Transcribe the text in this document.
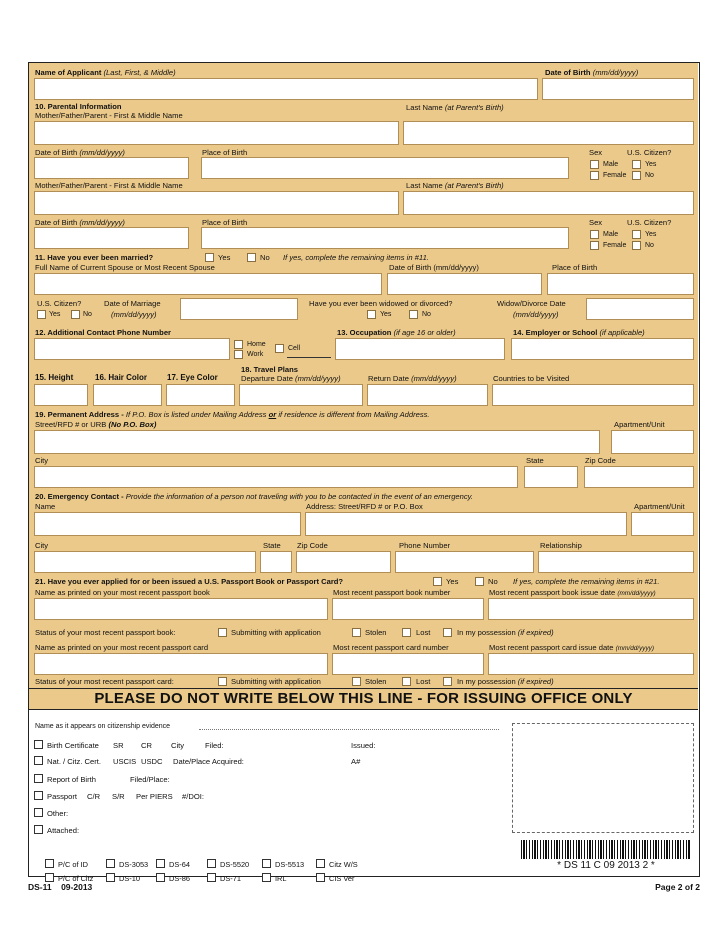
Name of Applicant (Last, First, & Middle)	Date of Birth (mm/dd/yyyy)
10. Parental Information
Mother/Father/Parent - First & Middle Name
Last Name (at Parent's Birth)
Date of Birth (mm/dd/yyyy)	Place of Birth	Sex	U.S. Citizen?
Male
Female
Yes
No
Mother/Father/Parent - First & Middle Name	Last Name (at Parent's Birth)
Date of Birth (mm/dd/yyyy)	Place of Birth	Sex	U.S. Citizen?
Male
Female
Yes
No
11. Have you ever been married?	Yes	No If yes, complete the remaining items in #11.
Full Name of Current Spouse or Most Recent Spouse	Date of Birth (mm/dd/yyyy)	Place of Birth
U.S. Citizen?
Yes	No
Date of Marriage
(mm/dd/yyyy)
Have you ever been widowed or divorced?
Yes	No
Widow/Divorce Date
(mm/dd/yyyy)
12. Additional Contact Phone Number
Home
Cell
Work
13. Occupation (if age 16 or older)	14. Employer or School (if applicable)
15. Height	16. Hair Color 17. Eye Color
18. Travel Plans
Departure Date (mm/dd/yyyy)	Return Date (mm/dd/yyyy)	Countries to be Visited
19. Permanent Address - If P.O. Box is listed under Mailing Address or if residence is different from Mailing Address.
Street/RFD # or URB (No P.O. Box)	Apartment/Unit
City	State	Zip Code
20. Emergency Contact - Provide the information of a person not traveling with you to be contacted in the event of an emergency.
Name	Address: Street/RFD # or P.O. Box	Apartment/Unit
City	State Zip Code	Phone Number	Relationship
21. Have you ever applied for or been issued a U.S. Passport Book or Passport Card?	Yes	No If yes, complete the remaining items in #21.
Name as printed on your most recent passport book	Most recent passport book number	Most recent passport book issue date (mm/dd/yyyy)
Status of your most recent passport book:	Submitting with application	Stolen	Lost	In my possession (if expired)
Name as printed on your most recent passport card	Most recent passport card number	Most recent passport card issue date (mm/dd/yyyy)
Status of your most recent passport card:	Submitting with application	Stolen	Lost	In my possession (if expired)
PLEASE DO NOT WRITE BELOW THIS LINE - FOR ISSUING OFFICE ONLY
Name as it appears on citizenship evidence
Birth Certificate SR CR	City	Filed:	Issued:
Nat. / Citz. Cert. USCIS USDC Date/Place Acquired:	A#
Report of Birth	Filed/Place:
Passport C/R S/R Per PIERS #/DOI:
Other:
Attached:
* DS 11 C 09 2013 2 *
P/C of ID	DS-3053	DS-64	DS-5520	DS-5513	Citz W/S
P/C of Citz	DS-10	DS-86	DS-71	IRL	CIS Ver
DS-11 09-2013	Page 2 of 2
